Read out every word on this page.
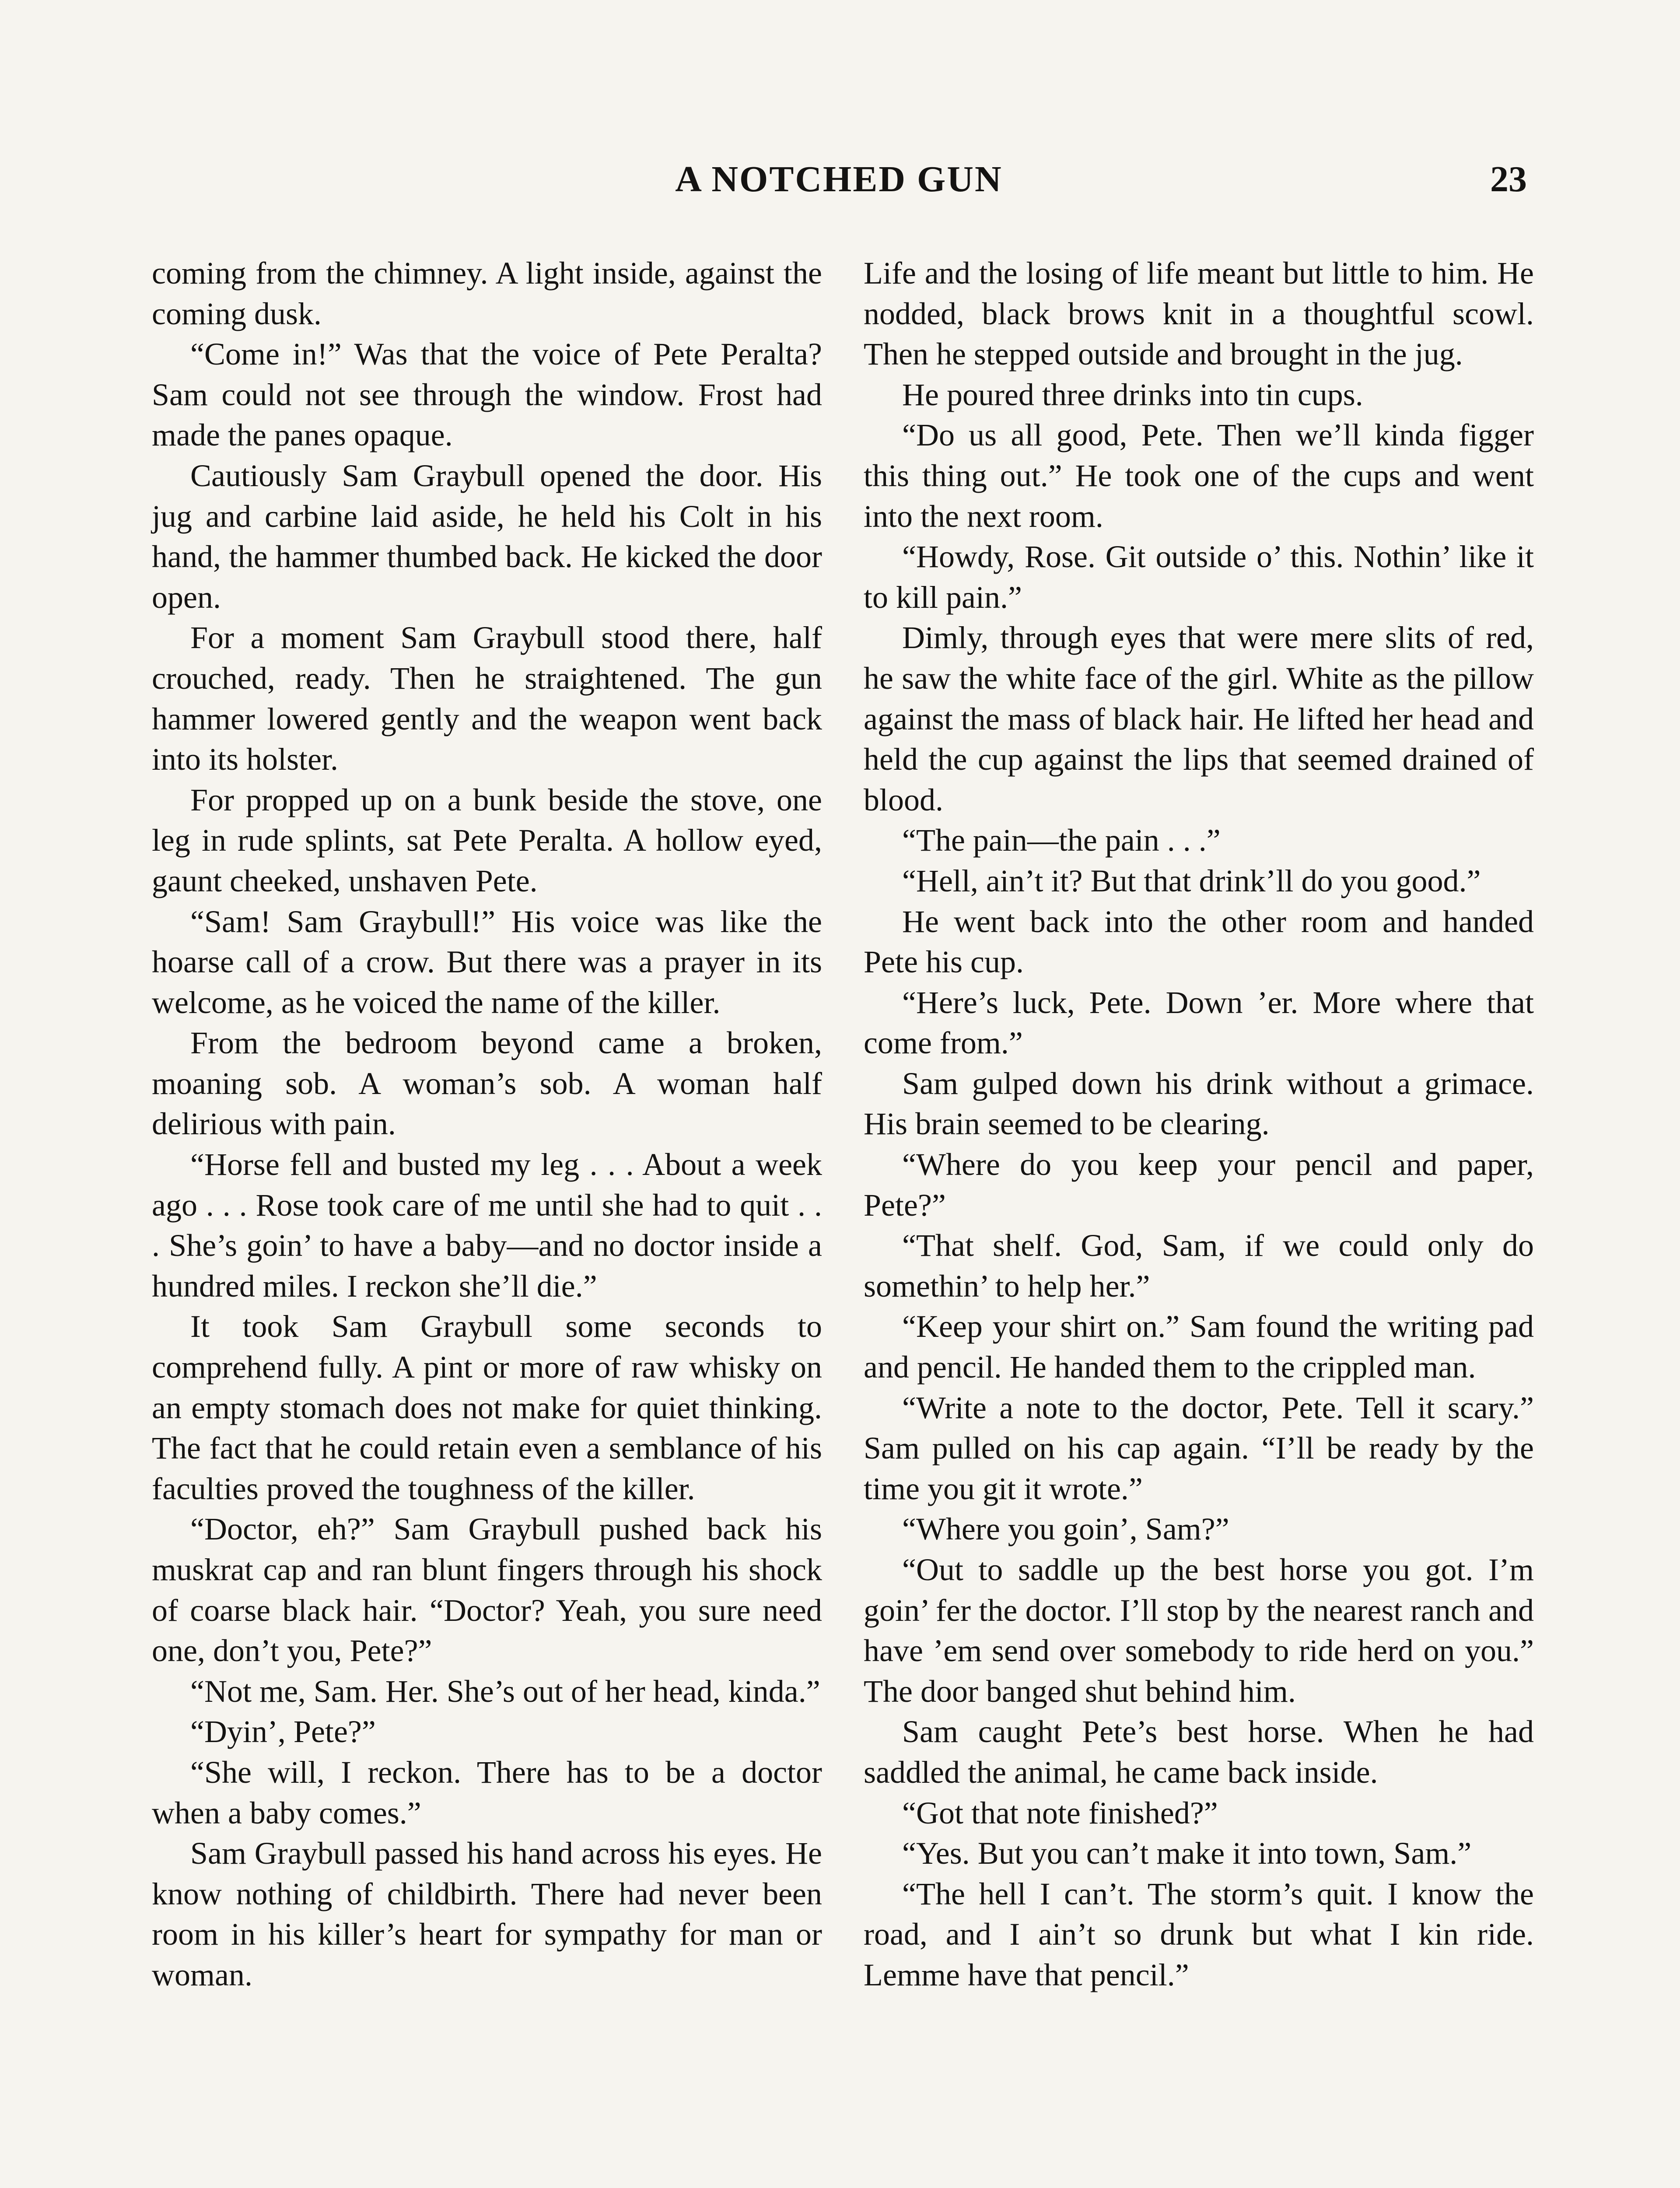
A NOTCHED GUN	23

coming from the chimney. A light inside, against the coming dusk.

“Come in!” Was that the voice of Pete Peralta? Sam could not see through the window. Frost had made the panes opaque.

Cautiously Sam Graybull opened the door. His jug and carbine laid aside, he held his Colt in his hand, the hammer thumbed back. He kicked the door open.

For a moment Sam Graybull stood there, half crouched, ready. Then he straightened. The gun hammer lowered gently and the weapon went back into its holster.

For propped up on a bunk beside the stove, one leg in rude splints, sat Pete Peralta. A hollow eyed, gaunt cheeked, unshaven Pete.

“Sam! Sam Graybull!” His voice was like the hoarse call of a crow. But there was a prayer in its welcome, as he voiced the name of the killer.

From the bedroom beyond came a broken, moaning sob. A woman’s sob. A woman half delirious with pain.

“Horse fell and busted my leg . . . About a week ago . . . Rose took care of me until she had to quit . . . She’s goin’ to have a baby—and no doctor inside a hundred miles. I reckon she’ll die.”

It took Sam Graybull some seconds to comprehend fully. A pint or more of raw whisky on an empty stomach does not make for quiet thinking. The fact that he could retain even a semblance of his faculties proved the toughness of the killer.

“Doctor, eh?” Sam Graybull pushed back his muskrat cap and ran blunt fingers through his shock of coarse black hair. “Doctor? Yeah, you sure need one, don’t you, Pete?”

“Not me, Sam. Her. She’s out of her head, kinda.”

“Dyin’, Pete?”

“She will, I reckon. There has to be a doctor when a baby comes.”

Sam Graybull passed his hand across his eyes. He know nothing of childbirth. There had never been room in his killer’s heart for sympathy for man or woman.

Life and the losing of life meant but little to him. He nodded, black brows knit in a thoughtful scowl. Then he stepped outside and brought in the jug.

He poured three drinks into tin cups.

“Do us all good, Pete. Then we’ll kinda figger this thing out.” He took one of the cups and went into the next room.

“Howdy, Rose. Git outside o’ this. Nothin’ like it to kill pain.”

Dimly, through eyes that were mere slits of red, he saw the white face of the girl. White as the pillow against the mass of black hair. He lifted her head and held the cup against the lips that seemed drained of blood.

“The pain—the pain . . .”

“Hell, ain’t it? But that drink’ll do you good.”

He went back into the other room and handed Pete his cup.

“Here’s luck, Pete. Down ’er. More where that come from.”

Sam gulped down his drink without a grimace. His brain seemed to be clearing.

“Where do you keep your pencil and paper, Pete?”

“That shelf. God, Sam, if we could only do somethin’ to help her.”

“Keep your shirt on.” Sam found the writing pad and pencil. He handed them to the crippled man.

“Write a note to the doctor, Pete. Tell it scary.” Sam pulled on his cap again. “I’ll be ready by the time you git it wrote.”

“Where you goin’, Sam?”

“Out to saddle up the best horse you got. I’m goin’ fer the doctor. I’ll stop by the nearest ranch and have ’em send over somebody to ride herd on you.” The door banged shut behind him.

Sam caught Pete’s best horse. When he had saddled the animal, he came back inside.

“Got that note finished?”

“Yes. But you can’t make it into town, Sam.”

“The hell I can’t. The storm’s quit. I know the road, and I ain’t so drunk but what I kin ride. Lemme have that pencil.”
